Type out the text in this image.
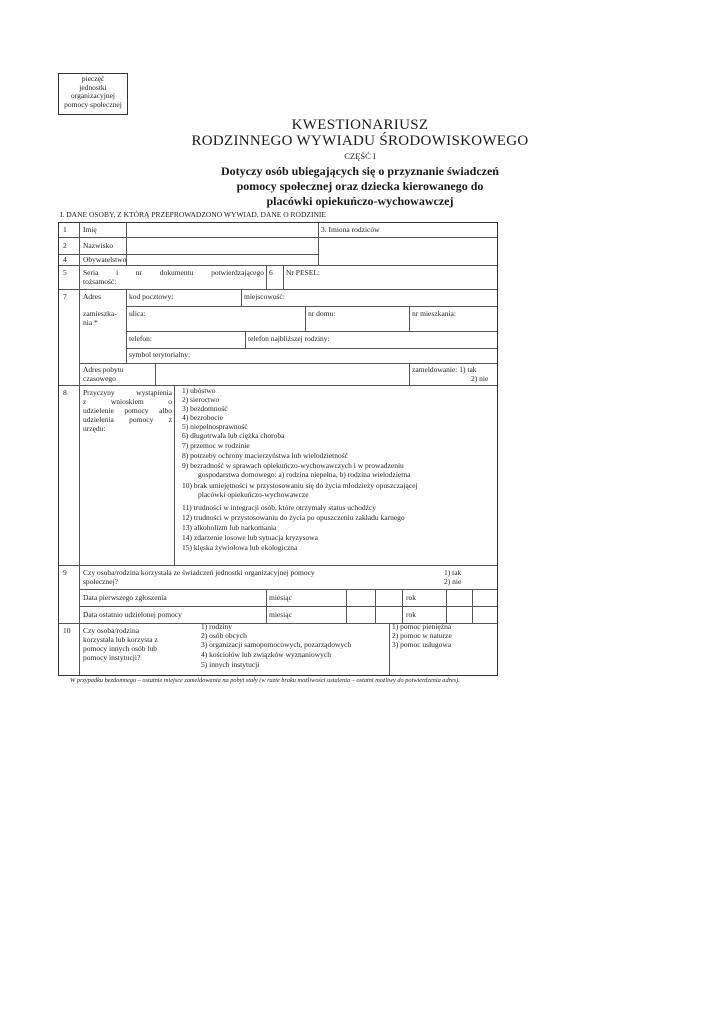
pieczęć
jednostki
organizacyjnej
pomocy społecznej
KWESTIONARIUSZ
RODZINNEGO WYWIADU ŚRODOWISKOWEGO
CZĘŚĆ I
Dotyczy osób ubiegających się o przyznanie świadczeń
pomocy społecznej oraz dziecka kierowanego do
placówki opiekuńczo-wychowawczej
I. DANE OSOBY, Z KTÓRĄ PRZEPROWADZONO WYWIAD, DANE O RODZINIE
1 Imię	3. Imiona rodziców
2 Nazwisko
4 Obywatelstwo
5 Seria i nr dokumentu potwierdzającego
tożsamość:
6 Nr PESEL:
7 Adres
zamieszka-
nia *
kod pocztowy:	miejscowość:
ulica:	nr domu:	nr mieszkania:
telefon:	telefon najbliższej rodziny:
symbol terytorialny:
Adres pobytu
czasowego
zameldowanie: 1) tak
2) nie
8 Przyczyny wystąpienia
z wnioskiem o
udzielenie pomocy albo
udzielenia pomocy z
urzędu:
1) ubóstwo
2) sieroctwo
3) bezdomność
4) bezrobocie
5) niepełnosprawność
6) długotrwała lub ciężka choroba
7) przemoc w rodzinie
8) potrzeby ochrony macierzyństwa lub wielodzietność
9) bezradność w sprawach opiekuńczo-wychowawczych i w prowadzeniu
gospodarstwa domowego: a) rodzina niepełna, b) rodzina wielodzietna
10) brak umiejętności w przystosowaniu się do życia młodzieży opuszczającej
placówki opiekuńczo-wychowawcze
11) trudności w integracji osób, które otrzymały status uchodźcy
12) trudności w przystosowaniu do życia po opuszczeniu zakładu karnego
13) alkoholizm lub narkomania
14) zdarzenie losowe lub sytuacja kryzysowa
15) klęska żywiołowa lub ekologiczna
9 Czy osoba/rodzina korzystała ze świadczeń jednostki organizacyjnej pomocy
społecznej?
1) tak
2) nie
Data pierwszego zgłoszenia	miesiąc	rok
Data ostatnio udzielonej pomocy	miesiąc	rok
10 Czy osoba/rodzina
korzystała lub korzysta z
pomocy innych osób lub
pomocy instytucji?
1) rodziny
2) osób obcych
3) organizacji samopomocowych, pozarządowych
4) kościołów lub związków wyznaniowych
5) innych instytucji
1) pomoc pieniężna
2) pomoc w naturze
3) pomoc usługowa
W przypadku bezdomnego – ostatnie miejsce zameldowania na pobyt stały (w razie braku możliwości ustalenia – ostatni możliwy do potwierdzenia adres).
